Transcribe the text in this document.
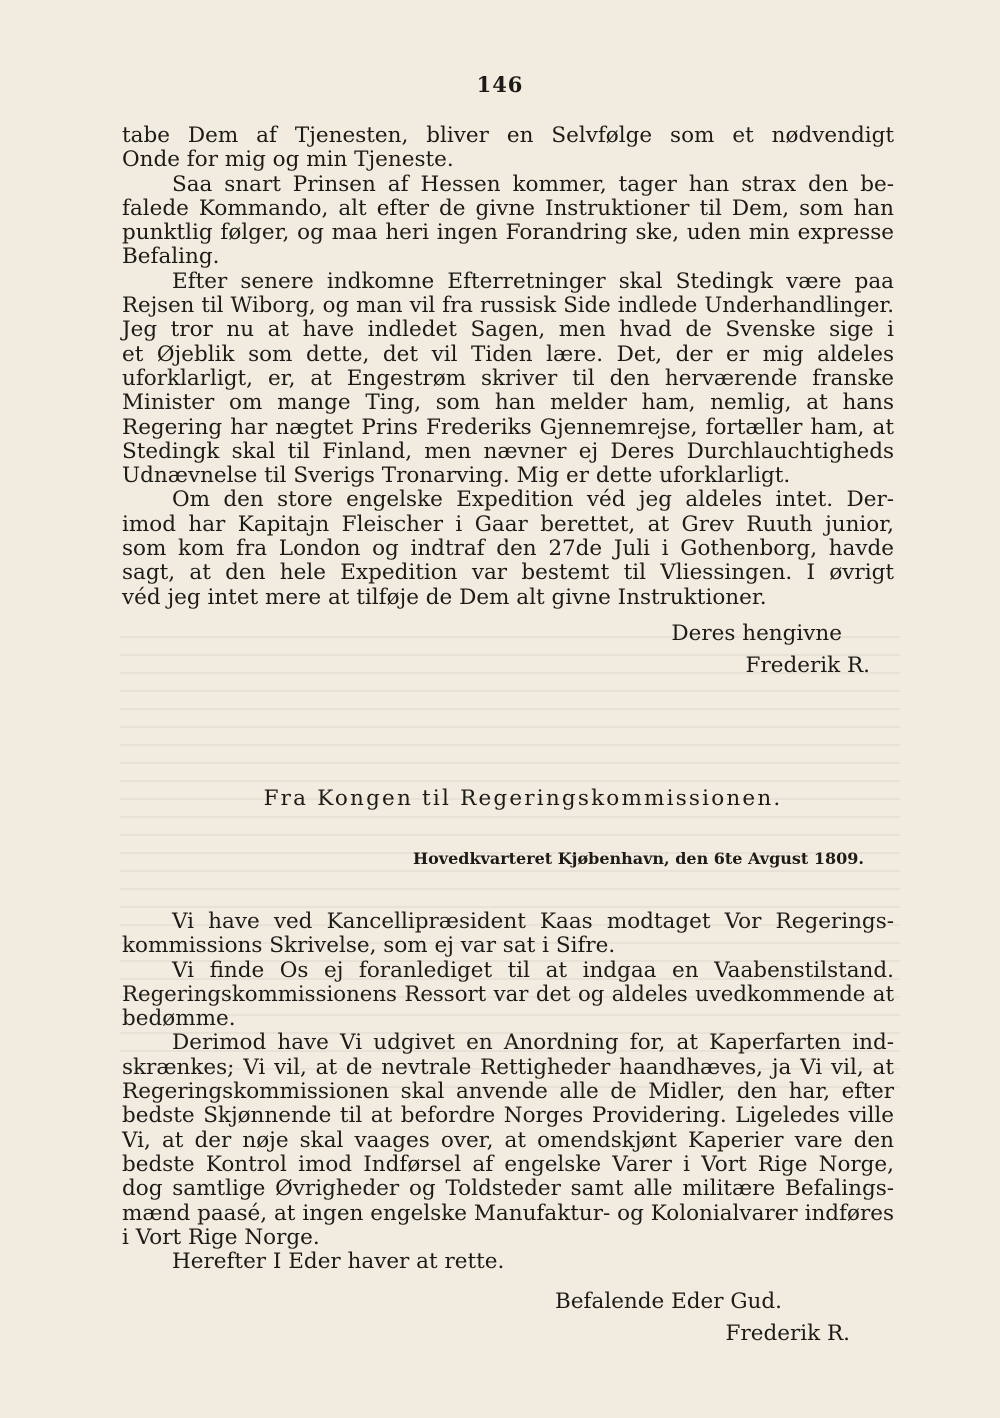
146
tabe Dem af Tjenesten, bliver en Selvfølge som et nødvendigt
Onde for mig og min Tjeneste.
Saa snart Prinsen af Hessen kommer, tager han strax den be-
falede Kommando, alt efter de givne Instruktioner til Dem, som han
punktlig følger, og maa heri ingen Forandring ske, uden min expresse
Befaling.
Efter senere indkomne Efterretninger skal Stedingk være paa
Rejsen til Wiborg, og man vil fra russisk Side indlede Underhandlinger.
Jeg tror nu at have indledet Sagen, men hvad de Svenske sige i
et Øjeblik som dette, det vil Tiden lære. Det, der er mig aldeles
uforklarligt, er, at Engestrøm skriver til den herværende franske
Minister om mange Ting, som han melder ham, nemlig, at hans
Regering har nægtet Prins Frederiks Gjennemrejse, fortæller ham, at
Stedingk skal til Finland, men nævner ej Deres Durchlauchtigheds
Udnævnelse til Sverigs Tronarving. Mig er dette uforklarligt.
Om den store engelske Expedition véd jeg aldeles intet. Der-
imod har Kapitajn Fleischer i Gaar berettet, at Grev Ruuth junior,
som kom fra London og indtraf den 27de Juli i Gothenborg, havde
sagt, at den hele Expedition var bestemt til Vliessingen. I øvrigt
véd jeg intet mere at tilføje de Dem alt givne Instruktioner.
Deres hengivne
Frederik R.
Fra Kongen til Regeringskommissionen.
Hovedkvarteret Kjøbenhavn, den 6te Avgust 1809.
Vi have ved Kancellipræsident Kaas modtaget Vor Regerings-
kommissions Skrivelse, som ej var sat i Sifre.
Vi finde Os ej foranlediget til at indgaa en Vaabenstilstand.
Regeringskommissionens Ressort var det og aldeles uvedkommende at
bedømme.
Derimod have Vi udgivet en Anordning for, at Kaperfarten ind-
skrænkes; Vi vil, at de nevtrale Rettigheder haandhæves, ja Vi vil, at
Regeringskommissionen skal anvende alle de Midler, den har, efter
bedste Skjønnende til at befordre Norges Providering. Ligeledes ville
Vi, at der nøje skal vaages over, at omendskjønt Kaperier vare den
bedste Kontrol imod Indførsel af engelske Varer i Vort Rige Norge,
dog samtlige Øvrigheder og Toldsteder samt alle militære Befalings-
mænd paasé, at ingen engelske Manufaktur- og Kolonialvarer indføres
i Vort Rige Norge.
Herefter I Eder haver at rette.
Befalende Eder Gud.
Frederik R.
